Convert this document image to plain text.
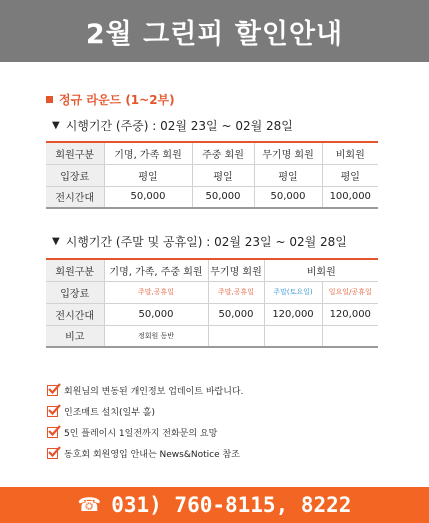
2월 그린피 할인안내
정규 라운드 (1~2부)
▼ 시행기간 (주중) : 02월 23일 ~ 02월 28일
회원구분	기명, 가족 회원	주중 회원	무기명 회원	비회원
입장료	평일	평일	평일	평일
전시간대	50,000	50,000	50,000	100,000
▼ 시행기간 (주말 및 공휴일) : 02월 23일 ~ 02월 28일
회원구분	기명, 가족, 주중 회원	무기명 회원	비회원	
입장료	주말,공휴일	주말,공휴일	주말(토요일)	일요일/공휴일
전시간대	50,000	50,000	120,000	120,000
비고	정회원 동반			
회원님의 변동된 개인정보 업데이트 바랍니다.
인조매트 설치(일부 홀)
5인 플레이시 1일전까지 전화문의 요망
동호회 회원영입 안내는 News&Notice 참조
☎ 031) 760-8115, 8222
